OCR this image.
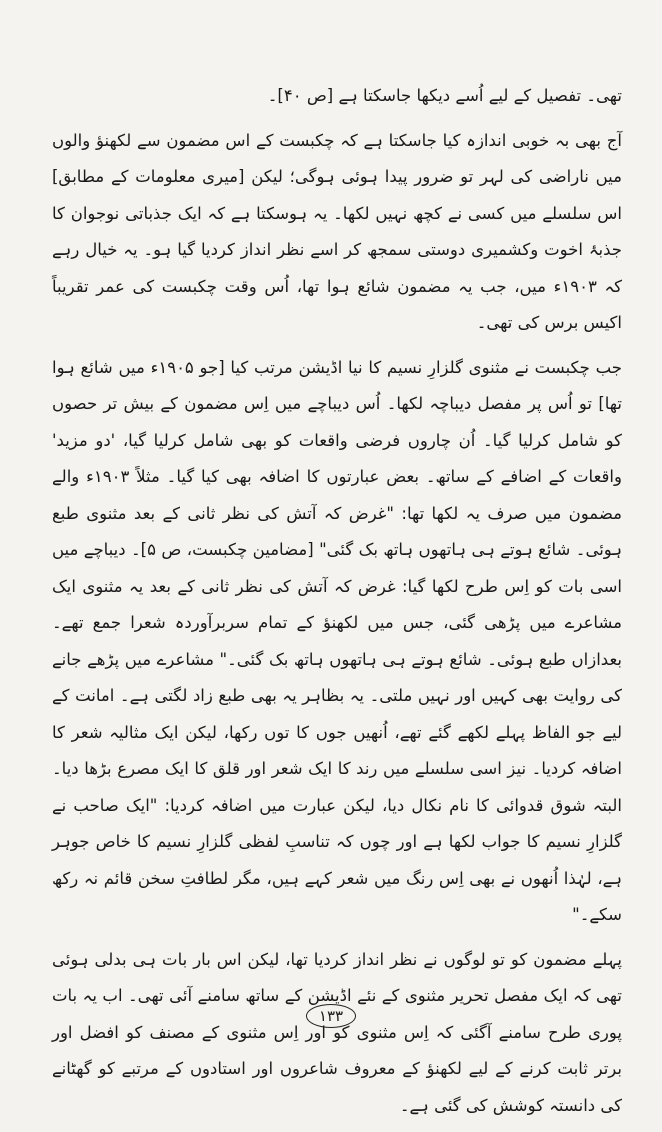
تھی۔ تفصیل کے لیے اُسے دیکھا جاسکتا ہے [ص ۴۰]۔

آج بھی بہ خوبی اندازہ کیا جاسکتا ہے کہ چکبست کے اس مضمون سے لکھنؤ والوں میں ناراضی کی لہر تو ضرور پیدا ہوئی ہوگی؛ لیکن [میری معلومات کے مطابق] اس سلسلے میں کسی نے کچھ نہیں لکھا۔ یہ ہوسکتا ہے کہ ایک جذباتی نوجوان کا جذبۂ اخوت وکشمیری دوستی سمجھ کر اسے نظر انداز کردیا گیا ہو۔ یہ خیال رہے کہ ۱۹۰۳ء میں، جب یہ مضمون شائع ہوا تھا، اُس وقت چکبست کی عمر تقریباً اکیس برس کی تھی۔

جب چکبست نے مثنوی گلزارِ نسیم کا نیا اڈیشن مرتب کیا [جو ۱۹۰۵ء میں شائع ہوا تھا] تو اُس پر مفصل دیباچہ لکھا۔ اُس دیباچے میں اِس مضمون کے بیش تر حصوں کو شامل کرلیا گیا۔ اُن چاروں فرضی واقعات کو بھی شامل کرلیا گیا، 'دو مزید' واقعات کے اضافے کے ساتھ۔ بعض عبارتوں کا اضافہ بھی کیا گیا۔ مثلاً ۱۹۰۳ء والے مضمون میں صرف یہ لکھا تھا: "غرض کہ آتش کی نظر ثانی کے بعد مثنوی طبع ہوئی۔ شائع ہوتے ہی ہاتھوں ہاتھ بک گئی" [مضامین چکبست، ص ۵]۔ دیباچے میں اسی بات کو اِس طرح لکھا گیا: غرض کہ آتش کی نظر ثانی کے بعد یہ مثنوی ایک مشاعرے میں پڑھی گئی، جس میں لکھنؤ کے تمام سربرآوردہ شعرا جمع تھے۔ بعدازاں طبع ہوئی۔ شائع ہوتے ہی ہاتھوں ہاتھ بک گئی۔" مشاعرے میں پڑھے جانے کی روایت بھی کہیں اور نہیں ملتی۔ یہ بظاہر یہ بھی طبع زاد لگتی ہے۔ امانت کے لیے جو الفاظ پہلے لکھے گئے تھے، اُنھیں جوں کا توں رکھا، لیکن ایک مثالیہ شعر کا اضافہ کردیا۔ نیز اسی سلسلے میں رند کا ایک شعر اور قلق کا ایک مصرع بڑھا دیا۔ البتہ شوق قدوائی کا نام نکال دیا، لیکن عبارت میں اضافہ کردیا: "ایک صاحب نے گلزارِ نسیم کا جواب لکھا ہے اور چوں کہ تناسبِ لفظی گلزارِ نسیم کا خاص جوہر ہے، لہٰذا اُنھوں نے بھی اِس رنگ میں شعر کہے ہیں، مگر لطافتِ سخن قائم نہ رکھ سکے۔"

پہلے مضمون کو تو لوگوں نے نظر انداز کردیا تھا، لیکن اس بار بات ہی بدلی ہوئی تھی کہ ایک مفصل تحریر مثنوی کے نئے اڈیشن کے ساتھ سامنے آئی تھی۔ اب یہ بات پوری طرح سامنے آگئی کہ اِس مثنوی کو اور اِس مثنوی کے مصنف کو افضل اور برتر ثابت کرنے کے لیے لکھنؤ کے معروف شاعروں اور استادوں کے مرتبے کو گھٹانے کی دانستہ کوشش کی گئی ہے۔

۱۳۳
